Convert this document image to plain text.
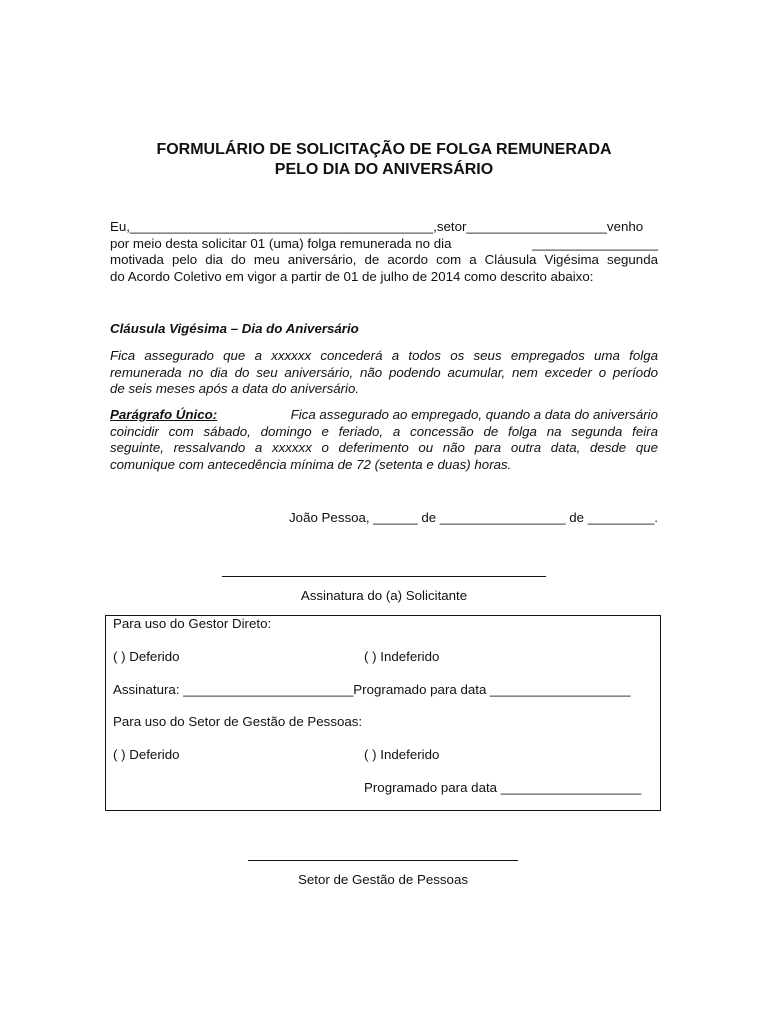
FORMULÁRIO DE SOLICITAÇÃO DE FOLGA REMUNERADA
PELO DIA DO ANIVERSÁRIO
Eu,_________________________________________,setor___________________venho
por meio desta solicitar 01 (uma) folga remunerada no dia	_________________
motivada pelo dia do meu aniversário, de acordo com a Cláusula Vigésima segunda
do Acordo Coletivo em vigor a partir de 01 de julho de 2014 como descrito abaixo:
Cláusula Vigésima – Dia do Aniversário
Fica assegurado que a xxxxxx concederá a todos os seus empregados uma folga
remunerada no dia do seu aniversário, não podendo acumular, nem exceder o período
de seis meses após a data do aniversário.
Parágrafo Único:	Fica assegurado ao empregado, quando a data do aniversário
coincidir com sábado, domingo e feriado, a concessão de folga na segunda feira
seguinte, ressalvando a xxxxxx o deferimento ou não para outra data, desde que
comunique com antecedência mínima de 72 (setenta e duas) horas.
João Pessoa, ______ de _________________ de _________.
Assinatura do (a) Solicitante
Para uso do Gestor Direto:
( ) Deferido	( ) Indeferido
Assinatura: _______________________Programado para data ___________________
Para uso do Setor de Gestão de Pessoas:
( ) Deferido	( ) Indeferido
Programado para data ___________________
Setor de Gestão de Pessoas
